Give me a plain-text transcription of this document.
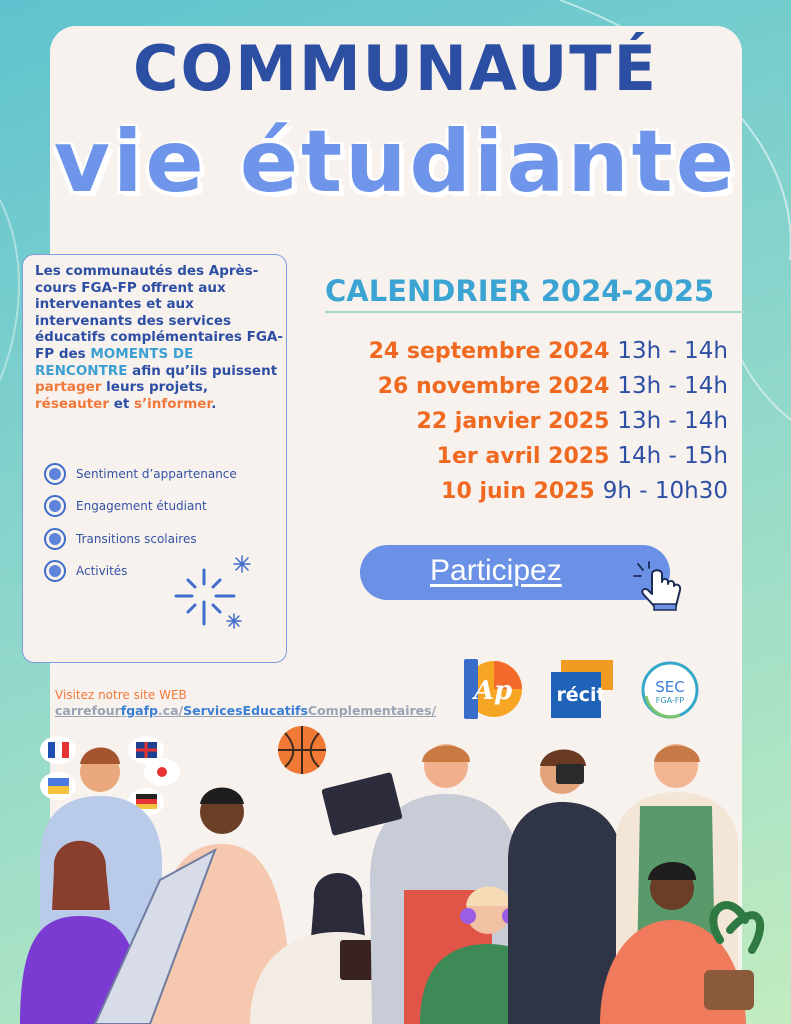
COMMUNAUTÉ
vie étudiante

Les communautés des Après-cours FGA-FP offrent aux intervenantes et aux intervenants des services éducatifs complémentaires FGA-FP des MOMENTS DE RENCONTRE afin qu’ils puissent partager leurs projets, réseauter et s’informer.

Sentiment d’appartenance
Engagement étudiant
Transitions scolaires
Activités
CALENDRIER 2024-2025
24 septembre 2024 13h - 14h
26 novembre 2024 13h - 14h
22 janvier 2025 13h - 14h
1er avril 2025 14h - 15h
10 juin 2025 9h - 10h30
Participez
Ap récit	SEC
FGA-FP
Visitez notre site WEB
carrefourfgafp.ca/ServicesEducatifsComplementaires/
